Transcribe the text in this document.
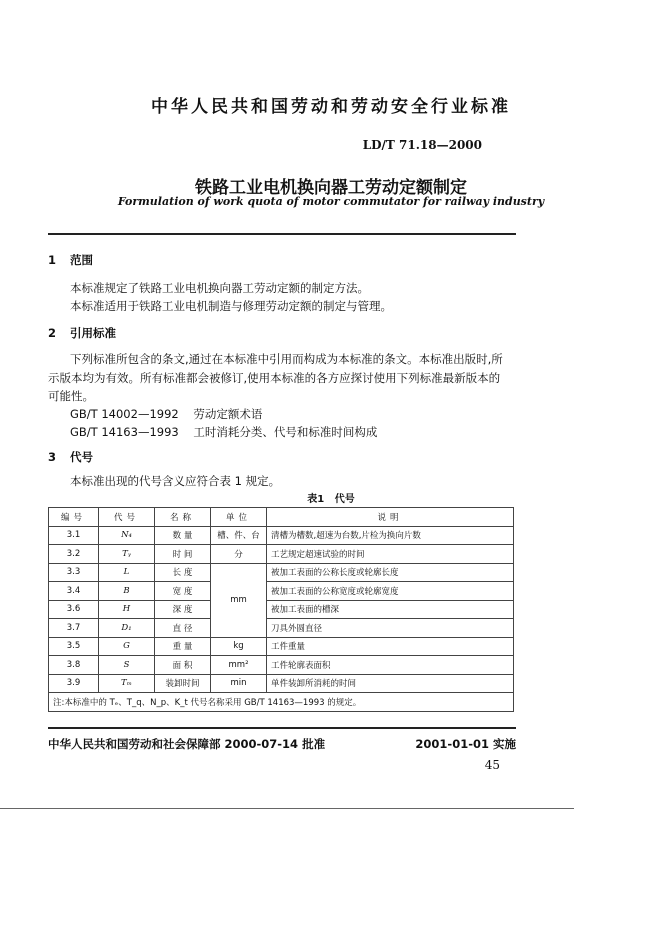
中华人民共和国劳动和劳动安全行业标准
LD/T 71.18—2000
铁路工业电机换向器工劳动定额制定
Formulation of work quota of motor commutator for railway industry
1 范围
本标准规定了铁路工业电机换向器工劳动定额的制定方法。
本标准适用于铁路工业电机制造与修理劳动定额的制定与管理。
2 引用标准
下列标准所包含的条文,通过在本标准中引用而构成为本标准的条文。本标准出版时,所
示版本均为有效。所有标准都会被修订,使用本标准的各方应探讨使用下列标准最新版本的
可能性。
GB/T 14002—1992    劳动定额术语
GB/T 14163—1993    工时消耗分类、代号和标准时间构成
3 代号
本标准出现的代号含义应符合表 1 规定。
表1   代号
编号	代号	名称	单位	说明
3.1	N₄	数 量	槽、件、台	清槽为槽数,超速为台数,片检为换向片数
3.2	Tᵧ	时 间	分	工艺规定超速试验的时间
3.3	L	长 度	mm	被加工表面的公称长度或轮廓长度
3.4	B	宽 度		被加工表面的公称宽度或轮廓宽度
3.6	H	深 度		被加工表面的槽深
3.7	D₁	直 径		刀具外圆直径
3.5	G	重 量	kg	工件重量
3.8	S	面 积	mm²	工件轮廓表面积
3.9	Tₘ	装卸时间	min	单件装卸所消耗的时间
注:本标准中的 Tₑ、T_q、N_p、K_t 代号名称采用 GB/T 14163—1993 的规定。				
中华人民共和国劳动和社会保障部 2000-07-14 批准	2001-01-01 实施
45
